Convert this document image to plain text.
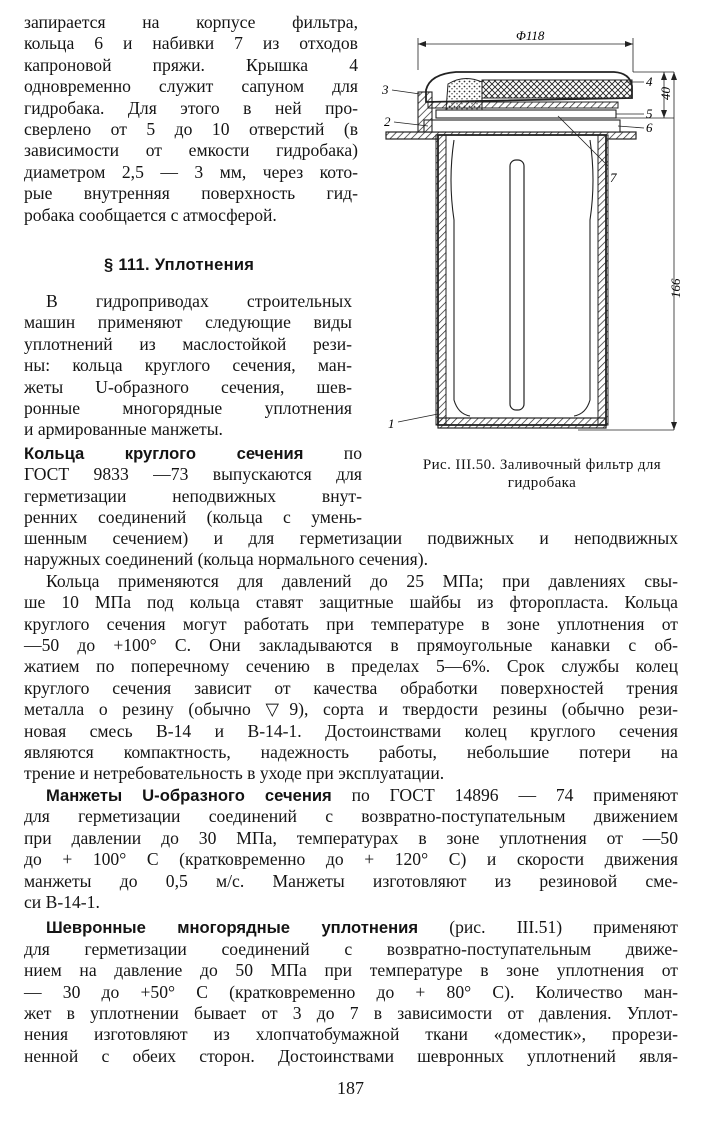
запирается на корпусе фильтра,
кольца 6 и набивки 7 из отходов
капроновой пряжи. Крышка 4
одновременно служит сапуном для
гидробака. Для этого в ней про-
сверлено от 5 до 10 отверстий (в
зависимости от емкости гидробака)
диаметром 2,5 — 3 мм, через кото-
рые внутренняя поверхность гид-
робака сообщается с атмосферой.
§ 111. Уплотнения
В гидроприводах строительных
машин применяют следующие виды
уплотнений из маслостойкой рези-
ны: кольца круглого сечения, ман-
жеты U-образного сечения, шев-
ронные многорядные уплотнения
и армированные манжеты.
Кольца круглого сечения по
ГОСТ 9833 —73 выпускаются для
герметизации неподвижных внут-
ренних соединений (кольца с умень-
шенным сечением) и для герметизации подвижных и неподвижных
наружных соединений (кольца нормального сечения).
Кольца применяются для давлений до 25 МПа; при давлениях свы-
ше 10 МПа под кольца ставят защитные шайбы из фторопласта. Кольца
круглого сечения могут работать при температуре в зоне уплотнения от
—50 до +100° С. Они закладываются в прямоугольные канавки с об-
жатием по поперечному сечению в пределах 5—6%. Срок службы колец
круглого сечения зависит от качества обработки поверхностей трения
металла о резину (обычно ▽9), сорта и твердости резины (обычно рези-
новая смесь В-14 и В-14-1. Достоинствами колец круглого сечения
являются компактность, надежность работы, небольшие потери на
трение и нетребовательность в уходе при эксплуатации.
Манжеты U-образного сечения по ГОСТ 14896 — 74 применяют
для герметизации соединений с возвратно-поступательным движением
при давлении до 30 МПа, температурах в зоне уплотнения от —50
до + 100° С (кратковременно до + 120° С) и скорости движения
манжеты до 0,5 м/с. Манжеты изготовляют из резиновой сме-
си В-14-1.
Шевронные многорядные уплотнения (рис. III.51) применяют
для герметизации соединений с возвратно-поступательным движе-
нием на давление до 50 МПа при температуре в зоне уплотнения от
— 30 до +50° С (кратковременно до + 80° С). Количество ман-
жет в уплотнении бывает от 3 до 7 в зависимости от давления. Уплот-
нения изготовляют из хлопчатобумажной ткани «доместик», прорези-
ненной с обеих сторон. Достоинствами шевронных уплотнений явля-
Φ118
40
166
3
2
4
5
6
7
1
Рис. III.50. Заливочный фильтр для
гидробака
187
